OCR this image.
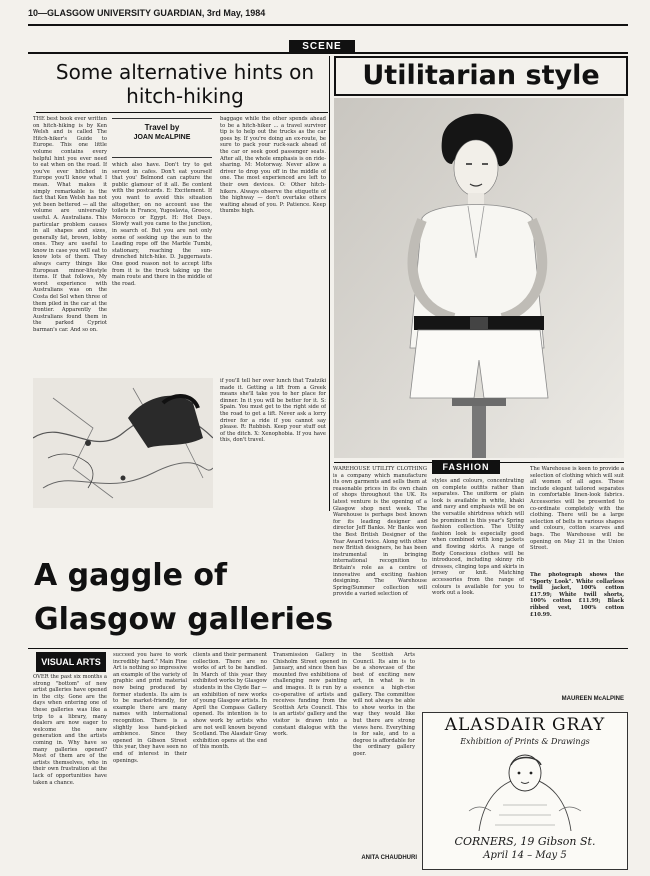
10—GLASGOW UNIVERSITY GUARDIAN, 3rd May, 1984
SCENE
Some alternative hints on hitch-hiking

THE best book ever written on hitch-hiking is by Ken Welsh and is called The Hitch-hiker's Guide to Europe. This one little volume contains every helpful hint you ever need to eat when on the road. If you've ever hitched in Europe you'll know what I mean. What makes it simply remarkable is the fact that Ken Welsh has not yet been bettered — all the volume are universally useful. A. Australians. This particular problem causes in all shapes and sizes, generally fat, brown, lobby ones. They are useful to know in case you will eat to know lots of them. They always carry things like European minor-lifestyle items. If that follows, My worst experience with Australians was on the Costa del Sol when three of them piled in the car at the frontier. Apparently the Australians found them in the parked Cypriot barman's car. And so on.

Travel by
JOAN McALPINE

which also have. Don't try to get served in cafes. Don't eat yourself that you' Belmond can capture the public glamour of it all. Be content with the postcards. E: Excitement. If you want to avoid this situation altogether, on no account use the toilets in France, Yugoslavia, Greece, Morocco or Egypt. H: Hot Days. Slowly wait you came to the junction, in search of. But you are not only some of seeking up the sun to the Leading rope off the Marble Tumbi, stationary, reaching the sun-drenched hitch-hike. D. Juggernauts. One good reason not to accept lifts from it is the truck taking up the main route and there in the middle of the road.

baggage while the other spends ahead to be a hitch-hiker ... a travel survivor tip is to help out the trucks as the car goes by. If you're doing an ex-route, be sure to pack your ruck-sack ahead of the car or seek good passenger seats. After all, the whole emphasis is on ride-sharing. M: Motorway. Never allow a driver to drop you off in the middle of one. The most experienced are left to their own devices. O: Other hitch-hikers. Always observe the etiquette of the highway — don't overtake others waiting ahead of you. P: Patience. Keep thumbs high.

if you'll tell her over lunch that Tzatziki made it. Getting a lift from a Greek means she'll take you to her place for dinner. In it you will be better for it. S: Spain. You must get to the right side of the road to get a lift. Never ask a lorry driver for a ride if you cannot say please. R: Rubbish. Keep your stuff out of the ditch. X: Xenophobia. If you have this, don't travel.

Utilitarian style

WAREHOUSE UTILITY CLOTHING is a company which manufacture its own garments and sells them at reasonable prices in its own chain of shops throughout the UK. Its latest venture is the opening of a Glasgow shop next week. The Warehouse is perhaps best known for its leading designer and director Jeff Banks. Mr Banks won the Best British Designer of the Year Award twice. Along with other new British designers, he has been instrumental in bringing international recognition to Britain's role as a centre of innovative and exciting fashion designing. The Warehouse Spring/Summer collection will provide a varied selection of

FASHION

styles and colours, concentrating on complete outfits rather than separates. The uniform or plain look is available in white, khaki and navy and emphasis will be on the versatile shirtdress which will be prominent in this year's Spring fashion collection. The Utility fashion look is especially good when combined with long jackets and flowing skirts. A range of Body Conscious clothes will be introduced, including skinny rib dresses, clinging tops and skirts in jersey or knit. Matching accessories from the range of colours is available for you to work out a look.

The Warehouse is keen to provide a selection of clothing which will suit all women of all ages. These include elegant tailored separates in comfortable linen-look fabrics. Accessories will be presented to co-ordinate completely with the clothing. There will be a large selection of belts in various shapes and colours, cotton scarves and bags. The Warehouse will be opening on May 21 in the Union Street.

The photograph shows the "Sporty Look". White collarless twill jacket, 100% cotton £17.99; White twill shorts, 100% cotton £11.99; Black ribbed vest, 100% cotton £10.99.

MAUREEN McALPINE
A gaggle of
Glasgow galleries
VISUAL ARTS

OVER the past six months a strong "bottom" of new artist galleries have opened in the city. Gone are the days when entering one of these galleries was like a trip to a library, many dealers are now eager to welcome the new generation and the artists coming in. Why have so many galleries opened? Most of them are of the artists themselves, who in their own frustration at the lack of opportunities have taken a chance.

succeed you have to work incredibly hard." Main Fine Art is nothing so impressive an example of the variety of graphic and print material now being produced by former students. Its aim is to be market-friendly, for example there are many names with international recognition. There is a slightly less hand-picked ambience. Since they opened in Gibson Street this year, they have seen no end of interest in their openings.

clients and their permanent collection. There are no works of art to be handled. In March of this year they exhibited works by Glasgow students in the Clyde Bar — an exhibition of new works of young Glasgow artists. In April the Compass Gallery opened. Its intention is to show work by artists who are not well known beyond Scotland. The Alasdair Gray exhibition opens at the end of this month.

Transmission Gallery in Chisholm Street opened in January, and since then has mounted five exhibitions of challenging new painting and images. It is run by a co-operative of artists and receives funding from the Scottish Arts Council. This is an artists' gallery and the visitor is drawn into a constant dialogue with the work.

the Scottish Arts Council. Its aim is to be a showcase of the best of exciting new art, in what is in essence a high-rise gallery. The committee will not always be able to show works in the way they would like but there are strong views here. Everything is for sale, and to a degree is affordable for the ordinary gallery goer.

ANITA CHAUDHURI
ALASDAIR GRAY
Exhibition of Prints & Drawings
CORNERS, 19 Gibson St.
April 14 – May 5
